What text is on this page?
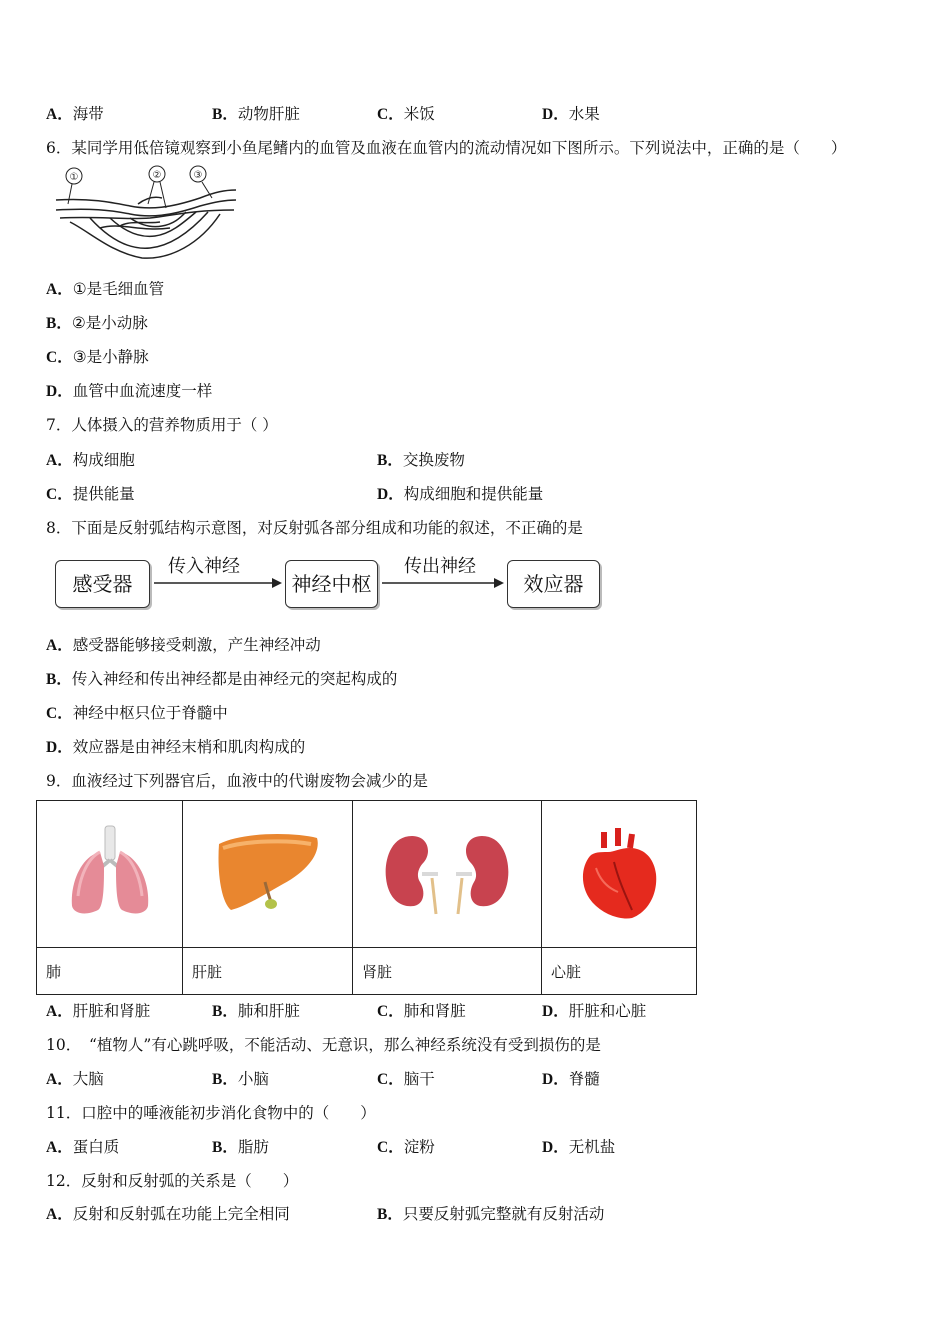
A．海带	B．动物肝脏	C．米饭	D．水果
6．某同学用低倍镜观察到小鱼尾鳍内的血管及血液在血管内的流动情况如下图所示。下列说法中，正确的是（　　）
①	②	③
A．①是毛细血管
B．②是小动脉
C．③是小静脉
D．血管中血流速度一样
7．人体摄入的营养物质用于（ ）
A．构成细胞	B．交换废物
C．提供能量	D．构成细胞和提供能量
8．下面是反射弧结构示意图，对反射弧各部分组成和功能的叙述，不正确的是
感受器
传入神经
神经中枢
传出神经
效应器
A．感受器能够接受刺激，产生神经冲动
B．传入神经和传出神经都是由神经元的突起构成的
C．神经中枢只位于脊髓中
D．效应器是由神经末梢和肌肉构成的
9．血液经过下列器官后，血液中的代谢废物会减少的是

肺	肝脏	肾脏	心脏
A．肝脏和肾脏	B．肺和肝脏	C．肺和肾脏	D．肝脏和心脏
10．　“植物人”有心跳呼吸，不能活动、无意识，那么神经系统没有受到损伤的是
A．大脑	B．小脑	C．脑干	D．脊髓
11．口腔中的唾液能初步消化食物中的（　　）
A．蛋白质	B．脂肪	C．淀粉	D．无机盐
12．反射和反射弧的关系是（　　）
A．反射和反射弧在功能上完全相同	B．只要反射弧完整就有反射活动
